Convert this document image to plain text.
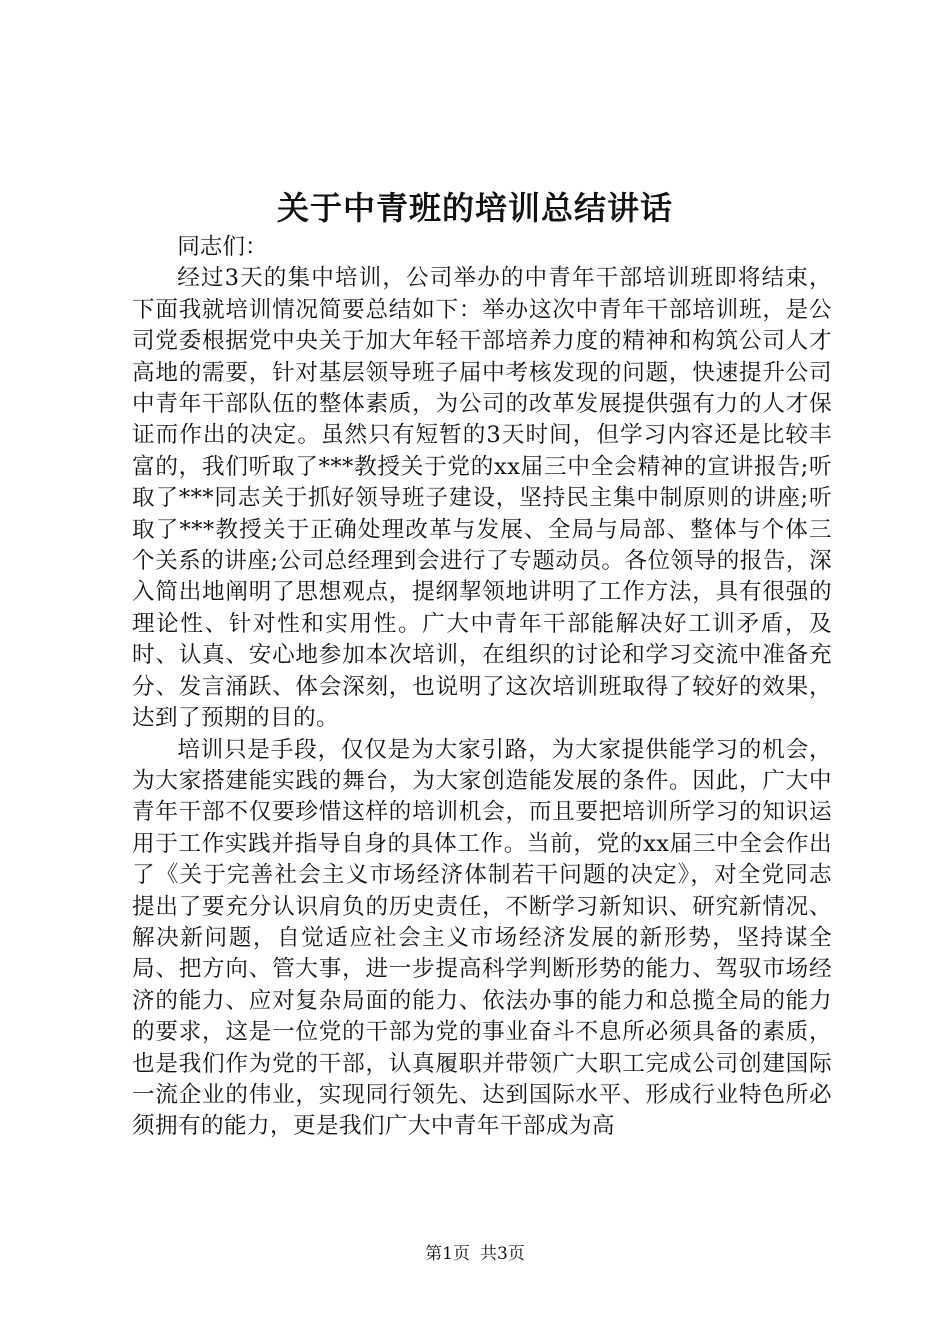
关于中青班的培训总结讲话

同志们：

经过3天的集中培训，公司举办的中青年干部培训班即将结束，下面我就培训情况简要总结如下：举办这次中青年干部培训班，是公司党委根据党中央关于加大年轻干部培养力度的精神和构筑公司人才高地的需要，针对基层领导班子届中考核发现的问题，快速提升公司中青年干部队伍的整体素质，为公司的改革发展提供强有力的人才保证而作出的决定。虽然只有短暂的3天时间，但学习内容还是比较丰富的，我们听取了***教授关于党的xx届三中全会精神的宣讲报告;听取了***同志关于抓好领导班子建设，坚持民主集中制原则的讲座;听取了***教授关于正确处理改革与发展、全局与局部、整体与个体三个关系的讲座;公司总经理到会进行了专题动员。各位领导的报告，深入简出地阐明了思想观点，提纲挈领地讲明了工作方法，具有很强的理论性、针对性和实用性。广大中青年干部能解决好工训矛盾，及时、认真、安心地参加本次培训，在组织的讨论和学习交流中准备充分、发言涌跃、体会深刻，也说明了这次培训班取得了较好的效果，达到了预期的目的。

培训只是手段，仅仅是为大家引路，为大家提供能学习的机会，为大家搭建能实践的舞台，为大家创造能发展的条件。因此，广大中青年干部不仅要珍惜这样的培训机会，而且要把培训所学习的知识运用于工作实践并指导自身的具体工作。当前，党的xx届三中全会作出了《关于完善社会主义市场经济体制若干问题的决定》，对全党同志提出了要充分认识肩负的历史责任，不断学习新知识、研究新情况、解决新问题，自觉适应社会主义市场经济发展的新形势，坚持谋全局、把方向、管大事，进一步提高科学判断形势的能力、驾驭市场经济的能力、应对复杂局面的能力、依法办事的能力和总揽全局的能力的要求，这是一位党的干部为党的事业奋斗不息所必须具备的素质，也是我们作为党的干部，认真履职并带领广大职工完成公司创建国际一流企业的伟业，实现同行领先、达到国际水平、形成行业特色所必须拥有的能力，更是我们广大中青年干部成为高

第1页 共3页
